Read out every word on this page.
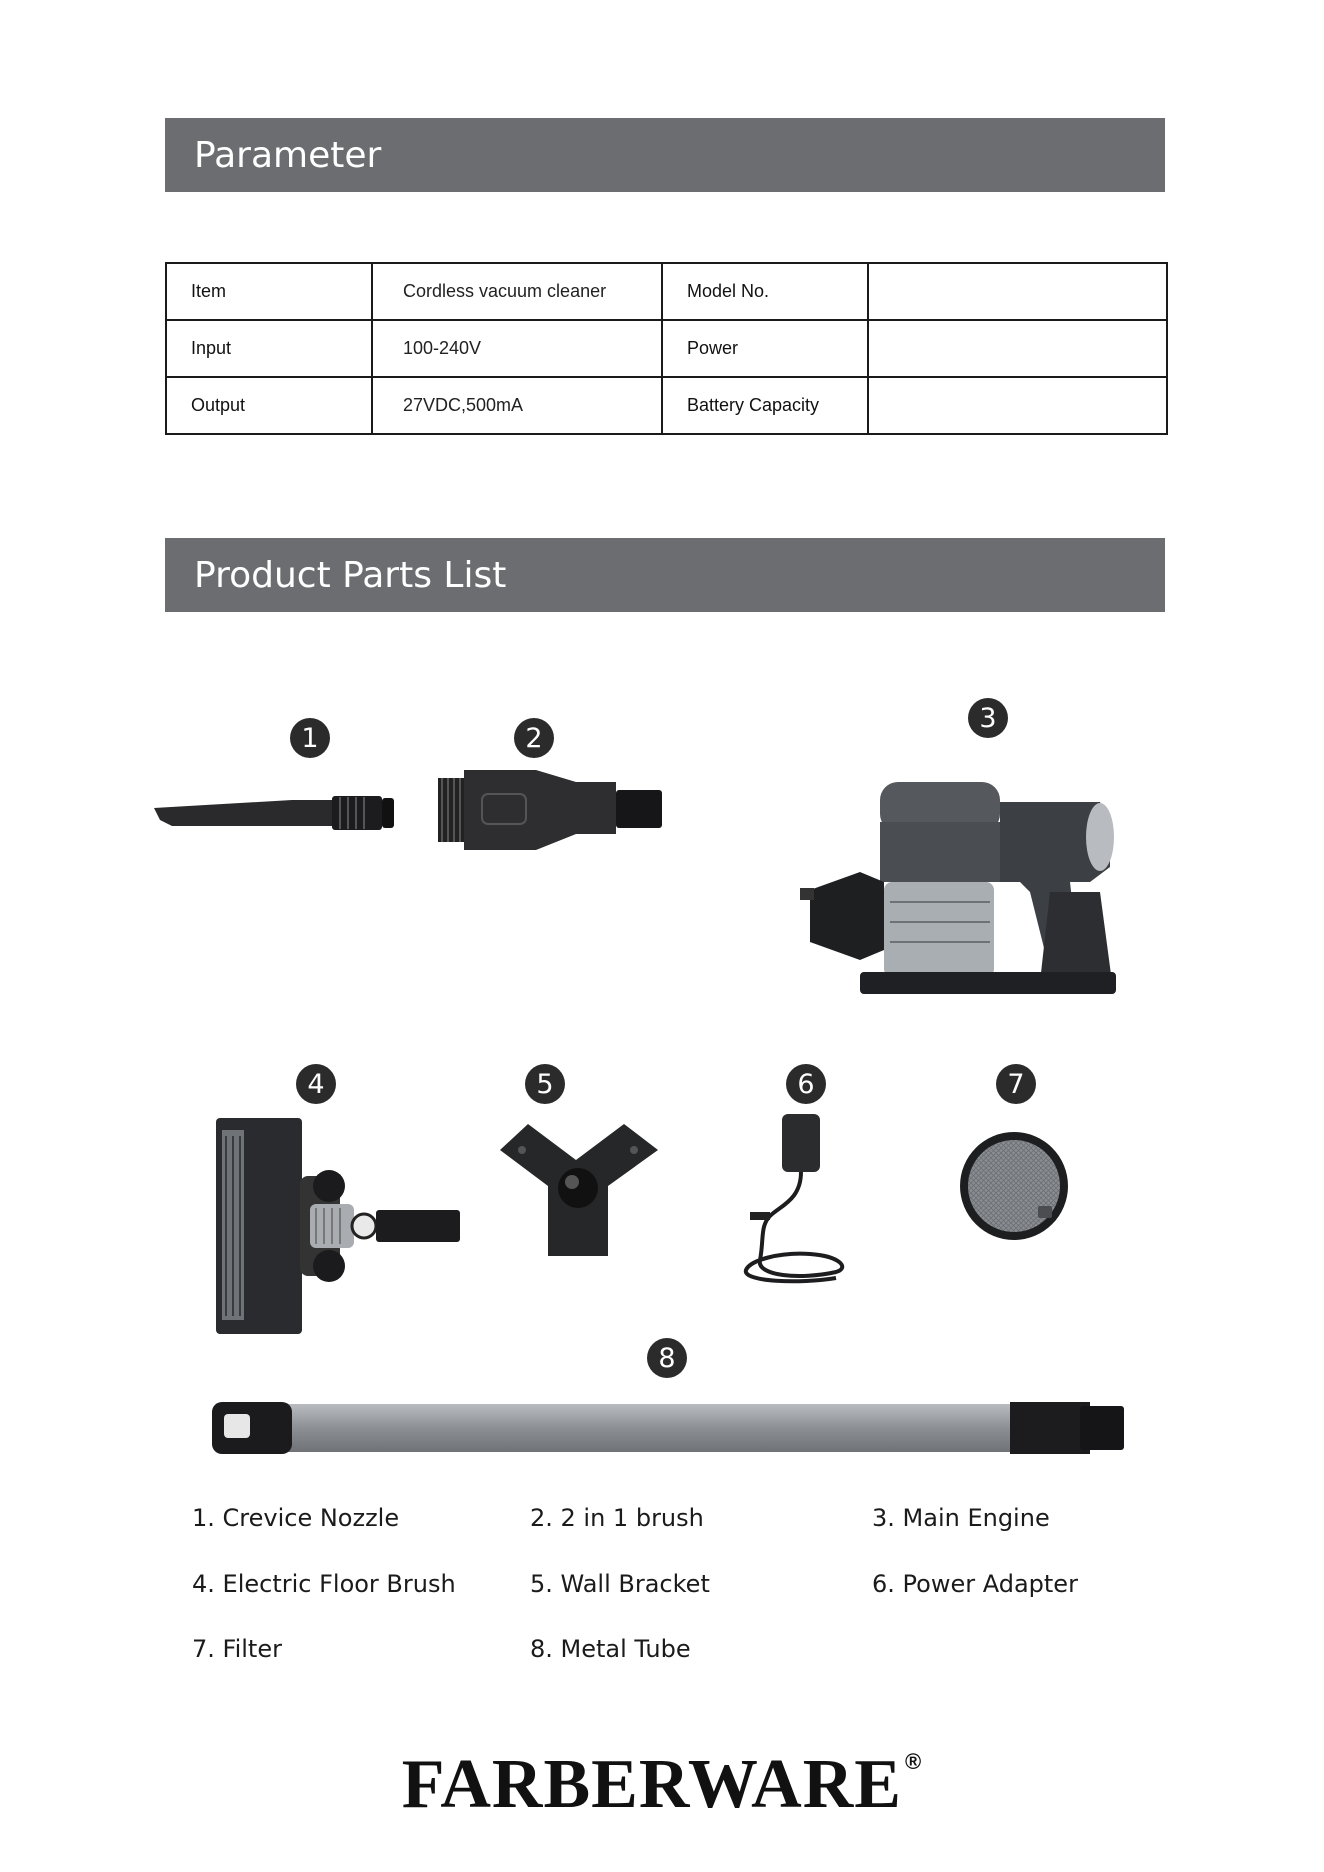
Parameter
Item	Cordless vacuum cleaner	Model No.	
Input	100-240V	Power	
Output	27VDC,500mA	Battery Capacity	
Product Parts List
1	2
3
4	5	6	7
8
1. Crevice Nozzle	2. 2 in 1 brush	3. Main Engine
4. Electric Floor Brush	5. Wall Bracket	6. Power Adapter
7. Filter	8. Metal Tube
FARBERWARE ®
